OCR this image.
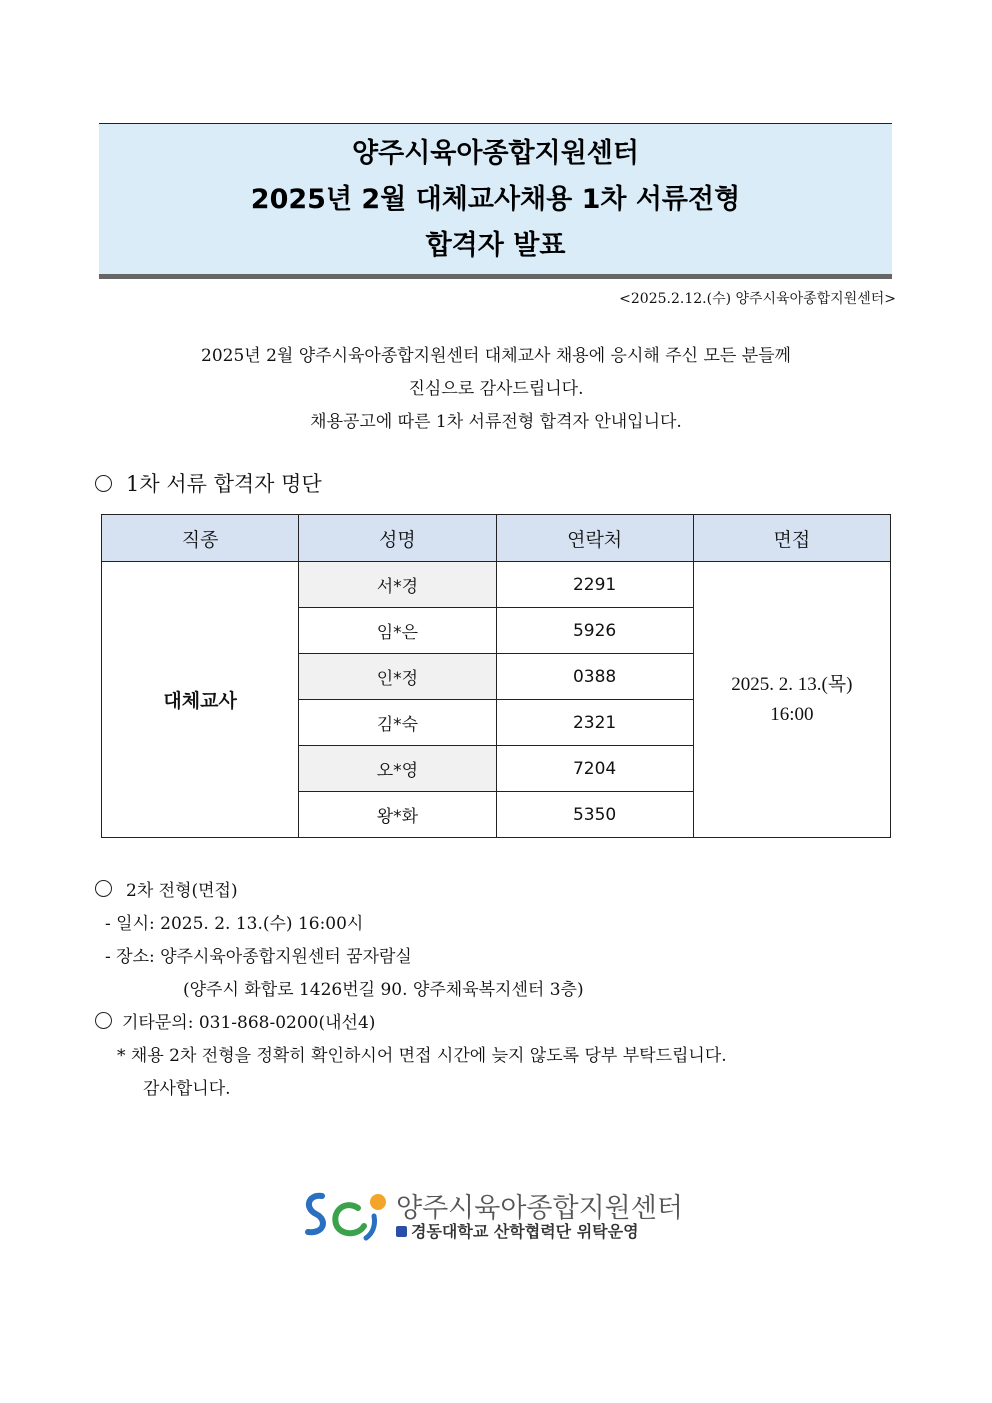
양주시육아종합지원센터
2025년 2월 대체교사채용 1차 서류전형
합격자 발표
<2025.2.12.(수) 양주시육아종합지원센터>
2025년 2월 양주시육아종합지원센터 대체교사 채용에 응시해 주신 모든 분들께
진심으로 감사드립니다.
채용공고에 따른 1차 서류전형 합격자 안내입니다.
1차 서류 합격자 명단
직종	성명	연락처	면접
대체교사	서*경	2291	2025. 2. 13.(목)
16:00

	임*은	5926	
	인*정	0388	
	김*숙	2321	
	오*영	7204	
	왕*화	5350	
2차 전형(면접)
- 일시: 2025. 2. 13.(수) 16:00시
- 장소: 양주시육아종합지원센터 꿈자람실
(양주시 화합로 1426번길 90. 양주체육복지센터 3층)
기타문의: 031-868-0200(내선4)
* 채용 2차 전형을 정확히 확인하시어 면접 시간에 늦지 않도록 당부 부탁드립니다.
감사합니다.
양주시육아종합지원센터
경동대학교 산학협력단 위탁운영
